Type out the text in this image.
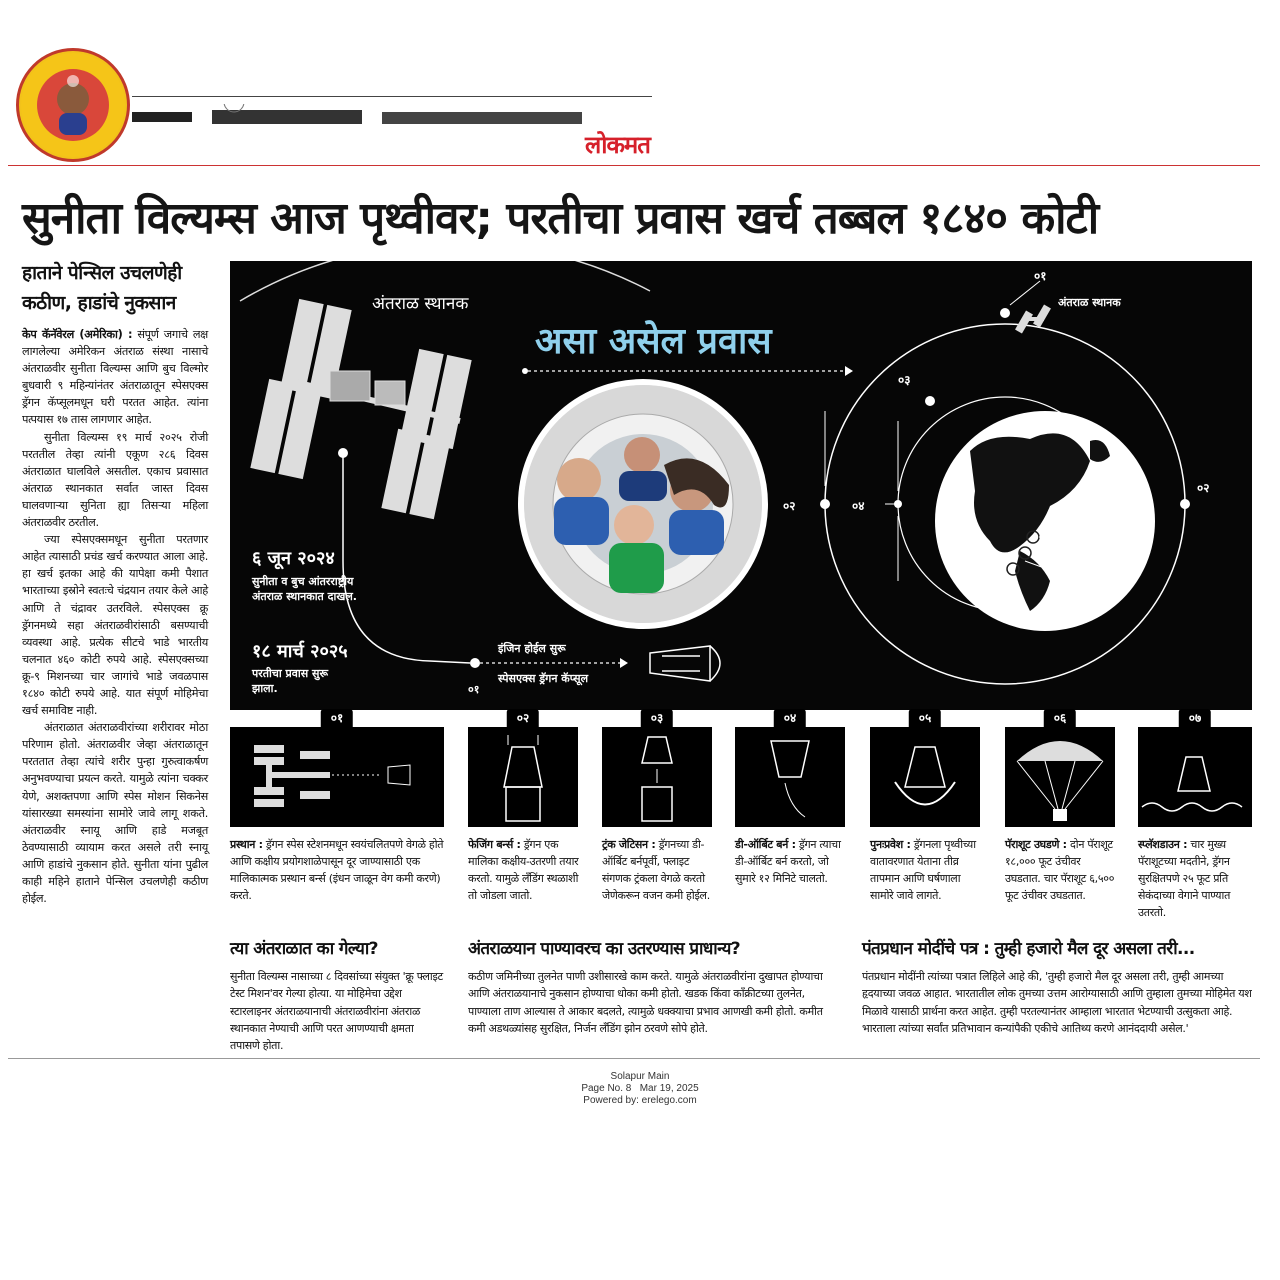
लोकमत
सुनीता विल्यम्स आज पृथ्वीवर; परतीचा प्रवास खर्च तब्बल १८४० कोटी
हाताने पेन्सिल उचलणेही कठीण, हाडांचे नुकसान

केप कॅनॅवेरल (अमेरिका) : संपूर्ण जगाचे लक्ष लागलेल्या अमेरिकन अंतराळ संस्था नासाचे अंतराळवीर सुनीता विल्यम्स आणि बुच विल्मोर बुधवारी ९ महिन्यांनंतर अंतराळातून स्पेसएक्स ड्रॅगन कॅप्सूलमधून घरी परतत आहेत. त्यांना पत्पयास १७ तास लागणार आहेत.

सुनीता विल्यम्स १९ मार्च २०२५ रोजी परततील तेव्हा त्यांनी एकूण २८६ दिवस अंतराळात घालविले असतील. एकाच प्रवासात अंतराळ स्थानकात सर्वात जास्त दिवस घालवणाऱ्या सुनिता ह्या तिसऱ्या महिला अंतराळवीर ठरतील.

ज्या स्पेसएक्समधून सुनीता परतणार आहेत त्यासाठी प्रचंड खर्च करण्यात आला आहे. हा खर्च इतका आहे की यापेक्षा कमी पैशात भारताच्या इस्रोने स्वतःचे चंद्रयान तयार केले आहे आणि ते चंद्रावर उतरविले. स्पेसएक्स क्रू ड्रॅगनमध्ये सहा अंतराळवीरांसाठी बसण्याची व्यवस्था आहे. प्रत्येक सीटचे भाडे भारतीय चलनात ४६० कोटी रुपये आहे. स्पेसएक्सच्या क्रू-९ मिशनच्या चार जागांचे भाडे जवळपास १८४० कोटी रुपये आहे. यात संपूर्ण मोहिमेचा खर्च समाविष्ट नाही.

अंतराळात अंतराळवीरांच्या शरीरावर मोठा परिणाम होतो. अंतराळवीर जेव्हा अंतराळातून परततात तेव्हा त्यांचे शरीर पुन्हा गुरुत्वाकर्षण अनुभवण्याचा प्रयत्न करते. यामुळे त्यांना चक्कर येणे, अशक्तपणा आणि स्पेस मोशन सिकनेस यांसारख्या समस्यांना सामोरे जावे लागू शकते. अंतराळवीर स्नायू आणि हाडे मजबूत ठेवण्यासाठी व्यायाम करत असले तरी स्नायू आणि हाडांचे नुकसान होते. सुनीता यांना पुढील काही महिने हाताने पेन्सिल उचलणेही कठीण होईल.

अंतराळ स्थानक
असा असेल प्रवास
६ जून २०२४
सुनीता व बुच आंतरराष्ट्रीय अंतराळ स्थानकात दाखल.
१८ मार्च २०२५
परतीचा प्रवास सुरू झाला.
इंजिन होईल सुरू
स्पेसएक्स ड्रॅगन कॅप्सूल
०१
अंतराळ स्थानक
०१
०३
०२	०४
०२
०७
०६
०५
०१	०२	०३	०४	०५	०६	०७
प्रस्थान : ड्रॅगन स्पेस स्टेशनमधून स्वयंचलितपणे वेगळे होते आणि कक्षीय प्रयोगशाळेपासून दूर जाण्यासाठी एक मालिकात्मक प्रस्थान बर्न्स (इंधन जाळून वेग कमी करणे) करते.
फेजिंग बर्न्स : ड्रॅगन एक मालिका कक्षीय-उतरणी तयार करतो. यामुळे लँडिंग स्थळाशी तो जोडला जातो.
ट्रंक जेटिसन : ड्रॅगनच्या डी-ऑर्बिट बर्नपूर्वी, फ्लाइट संगणक ट्रंकला वेगळे करतो जेणेकरून वजन कमी होईल.
डी-ऑर्बिट बर्न : ड्रॅगन त्याचा डी-ऑर्बिट बर्न करतो, जो सुमारे १२ मिनिटे चालतो.
पुनःप्रवेश : ड्रॅगनला पृथ्वीच्या वातावरणात येताना तीव्र तापमान आणि घर्षणाला सामोरे जावे लागते.
पॅराशूट उघडणे : दोन पॅराशूट १८,००० फूट उंचीवर उघडतात. चार पॅराशूट ६,५०० फूट उंचीवर उघडतात.
स्प्लॅशडाउन : चार मुख्य पॅराशूटच्या मदतीने, ड्रॅगन सुरक्षितपणे २५ फूट प्रति सेकंदाच्या वेगाने पाण्यात उतरतो.
त्या अंतराळात का गेल्या?
सुनीता विल्यम्स नासाच्या ८ दिवसांच्या संयुक्त 'क्रू फ्लाइट टेस्ट मिशन'वर गेल्या होत्या. या मोहिमेचा उद्देश स्टारलाइनर अंतराळयानाची अंतराळवीरांना अंतराळ स्थानकात नेण्याची आणि परत आणण्याची क्षमता तपासणे होता.
अंतराळयान पाण्यावरच का उतरण्यास प्राधान्य?
कठीण जमिनीच्या तुलनेत पाणी उशीसारखे काम करते. यामुळे अंतराळवीरांना दुखापत होण्याचा आणि अंतराळयानाचे नुकसान होण्याचा धोका कमी होतो. खडक किंवा काँक्रीटच्या तुलनेत, पाण्याला ताण आल्यास ते आकार बदलते, त्यामुळे धक्क्याचा प्रभाव आणखी कमी होतो. कमीत कमी अडथळ्यांसह सुरक्षित, निर्जन लँडिंग झोन ठरवणे सोपे होते.
पंतप्रधान मोदींचे पत्र : तुम्ही हजारो मैल दूर असला तरी...
पंतप्रधान मोदींनी त्यांच्या पत्रात लिहिले आहे की, 'तुम्ही हजारो मैल दूर असला तरी, तुम्ही आमच्या हृदयाच्या जवळ आहात. भारतातील लोक तुमच्या उत्तम आरोग्यासाठी आणि तुम्हाला तुमच्या मोहिमेत यश मिळावे यासाठी प्रार्थना करत आहेत. तुम्ही परतल्यानंतर आम्हाला भारतात भेटण्याची उत्सुकता आहे. भारताला त्यांच्या सर्वांत प्रतिभावान कन्यांपैकी एकीचे आतिथ्य करणे आनंददायी असेल.'
Solapur Main
Page No. 8 Mar 19, 2025
Powered by: erelego.com
